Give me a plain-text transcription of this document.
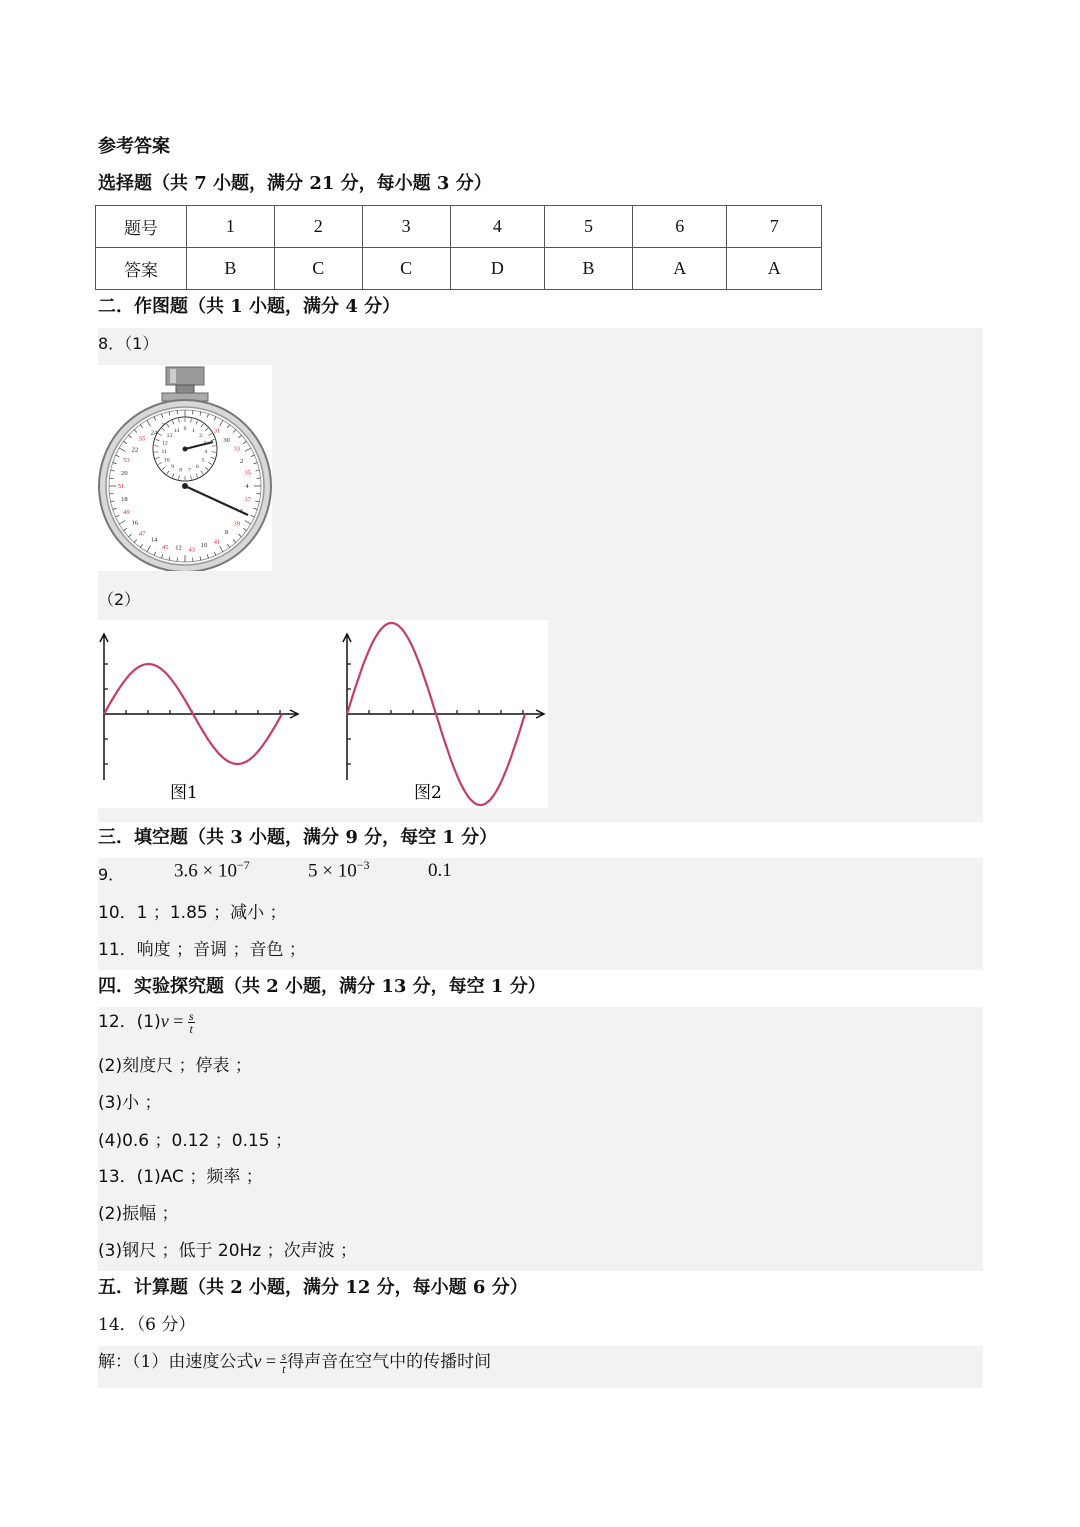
参考答案
选择题（共 7 小题，满分 21 分，每小题 3 分）
题号	1	2	3	4	5	6	7
答案	B	C	C	D	B	A	A
二．作图题（共 1 小题，满分 4 分）
8．（1）
31
30
33
2
35
4
37
39
8
41
10
43
12
45
14
47
16
49
18
51
20
53
22
55
24	14 0 1
2
4
5
6
7
8
9
10
11
12
13
（2）
图1	图2
三．填空题（共 3 小题，满分 9 分，每空 1 分）
9．	$3.6 \times 10^{-7}$	$5 \times 10^{-3}$	0.1
10．1 ；1.85 ；减小 ；
11．响度 ；音调 ；音色 ；
四．实验探究题（共 2 小题，满分 13 分，每空 1 分）
12．$(1)v = \frac{s}{t}$
(2)刻度尺 ；停表 ；
(3)小 ；
(4)0.6 ；0.12 ；0.15 ；
13．(1)AC ；频率 ；
(2)振幅 ；
(3)钢尺 ；低于 20Hz ；次声波 ；
五．计算题（共 2 小题，满分 12 分，每小题 6 分）
14．（6 分）
解：（1）由速度公式$v = \frac{s}{t}$ 得声音在空气中的传播时间
